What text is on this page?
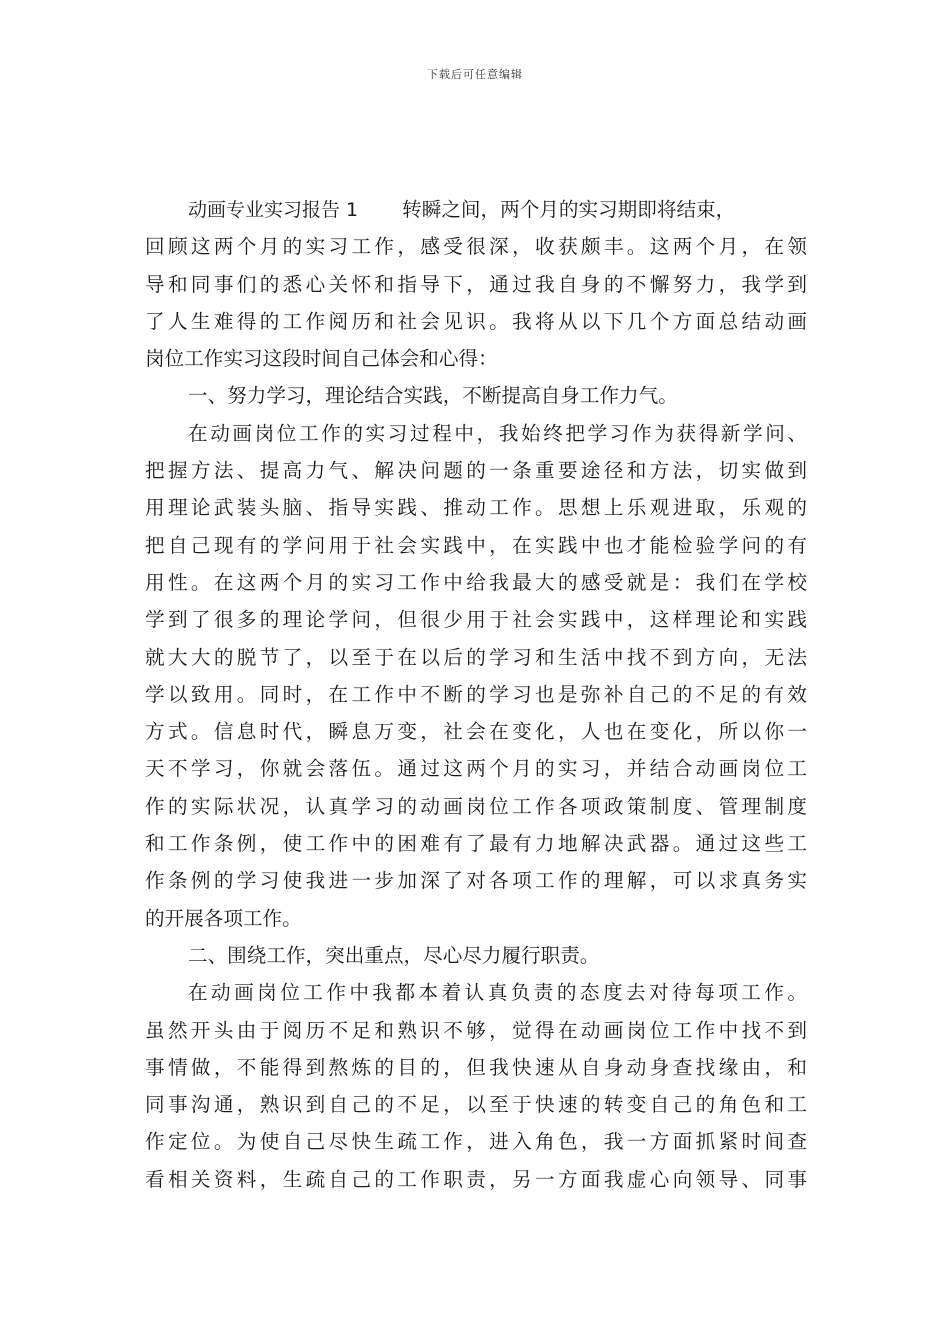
下载后可任意编辑
动画专业实习报告 1 转瞬之间，两个月的实习期即将结束，
回顾这两个月的实习工作，感受很深，收获颇丰。这两个月，在领
导和同事们的悉心关怀和指导下，通过我自身的不懈努力，我学到
了人生难得的工作阅历和社会见识。我将从以下几个方面总结动画
岗位工作实习这段时间自己体会和心得：
一、努力学习，理论结合实践，不断提高自身工作力气。
在动画岗位工作的实习过程中，我始终把学习作为获得新学问、
把握方法、提高力气、解决问题的一条重要途径和方法，切实做到
用理论武装头脑、指导实践、推动工作。思想上乐观进取，乐观的
把自己现有的学问用于社会实践中，在实践中也才能检验学问的有
用性。在这两个月的实习工作中给我最大的感受就是：我们在学校
学到了很多的理论学问，但很少用于社会实践中，这样理论和实践
就大大的脱节了，以至于在以后的学习和生活中找不到方向，无法
学以致用。同时，在工作中不断的学习也是弥补自己的不足的有效
方式。信息时代，瞬息万变，社会在变化，人也在变化，所以你一
天不学习，你就会落伍。通过这两个月的实习，并结合动画岗位工
作的实际状况，认真学习的动画岗位工作各项政策制度、管理制度
和工作条例，使工作中的困难有了最有力地解决武器。通过这些工
作条例的学习使我进一步加深了对各项工作的理解，可以求真务实
的开展各项工作。
二、围绕工作，突出重点，尽心尽力履行职责。
在动画岗位工作中我都本着认真负责的态度去对待每项工作。
虽然开头由于阅历不足和熟识不够，觉得在动画岗位工作中找不到
事情做，不能得到熬炼的目的，但我快速从自身动身查找缘由，和
同事沟通，熟识到自己的不足，以至于快速的转变自己的角色和工
作定位。为使自己尽快生疏工作，进入角色，我一方面抓紧时间查
看相关资料，生疏自己的工作职责，另一方面我虚心向领导、同事
